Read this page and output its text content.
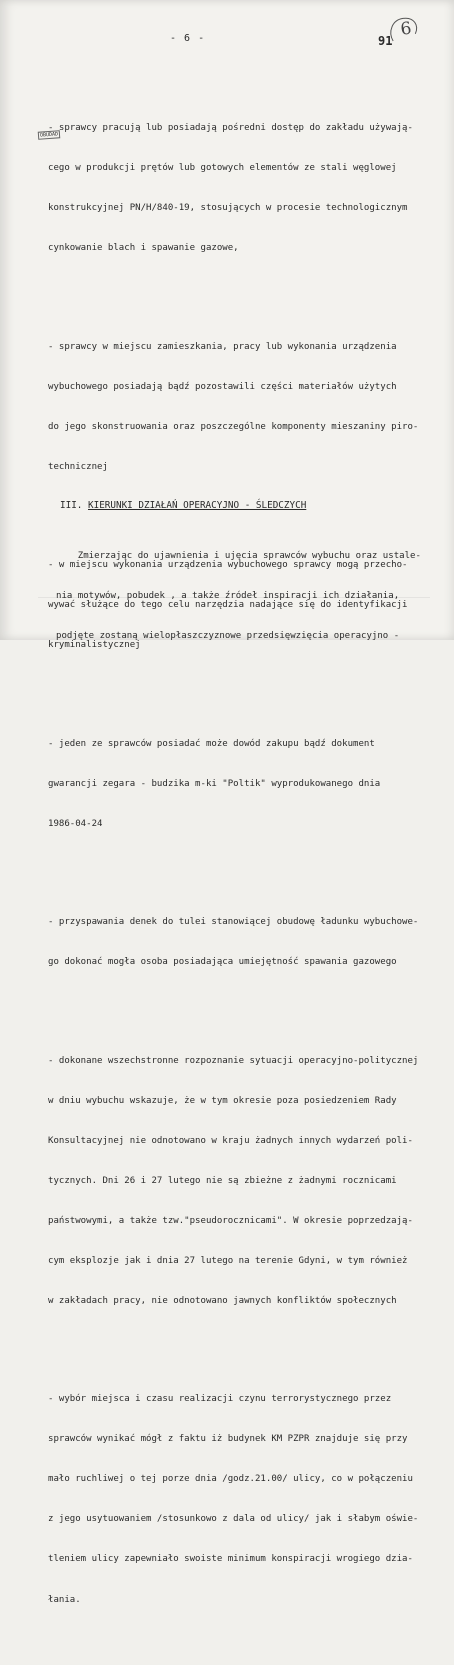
- 6 -	91
6
OBUDAD

- sprawcy pracują lub posiadają pośredni dostęp do zakładu używają-

cego w produkcji prętów lub gotowych elementów ze stali węglowej

konstrukcyjnej PN/H/840-19, stosujących w procesie technologicznym

cynkowanie blach i spawanie gazowe,

- sprawcy w miejscu zamieszkania, pracy lub wykonania urządzenia

wybuchowego posiadają bądź pozostawili części materiałów użytych

do jego skonstruowania oraz poszczególne komponenty mieszaniny piro-

technicznej

- w miejscu wykonania urządzenia wybuchowego sprawcy mogą przecho-

wywać służące do tego celu narzędzia nadające się do identyfikacji

kryminalistycznej

- jeden ze sprawców posiadać może dowód zakupu bądź dokument

gwarancji zegara - budzika m-ki "Poltik" wyprodukowanego dnia

1986-04-24

- przyspawania denek do tulei stanowiącej obudowę ładunku wybuchowe-

go dokonać mogła osoba posiadająca umiejętność spawania gazowego

- dokonane wszechstronne rozpoznanie sytuacji operacyjno-politycznej

w dniu wybuchu wskazuje, że w tym okresie poza posiedzeniem Rady

Konsultacyjnej nie odnotowano w kraju żadnych innych wydarzeń poli-

tycznych. Dni 26 i 27 lutego nie są zbieżne z żadnymi rocznicami

państwowymi, a także tzw."pseudorocznicami". W okresie poprzedzają-

cym eksplozje jak i dnia 27 lutego na terenie Gdyni, w tym również

w zakładach pracy, nie odnotowano jawnych konfliktów społecznych

- wybór miejsca i czasu realizacji czynu terrorystycznego przez

sprawców wynikać mógł z faktu iż budynek KM PZPR znajduje się przy

mało ruchliwej o tej porze dnia /godz.21.00/ ulicy, co w połączeniu

z jego usytuowaniem /stosunkowo z dala od ulicy/ jak i słabym oświe-

tleniem ulicy zapewniało swoiste minimum konspiracji wrogiego dzia-

łania.

III. KIERUNKI DZIAŁAŃ OPERACYJNO - ŚLEDCZYCH

Zmierzając do ujawnienia i ujęcia sprawców wybuchu oraz ustale-

nia motywów, pobudek , a także źródeł inspiracji ich działania,

podjęte zostaną wielopłaszczyznowe przedsięwzięcia operacyjno -
